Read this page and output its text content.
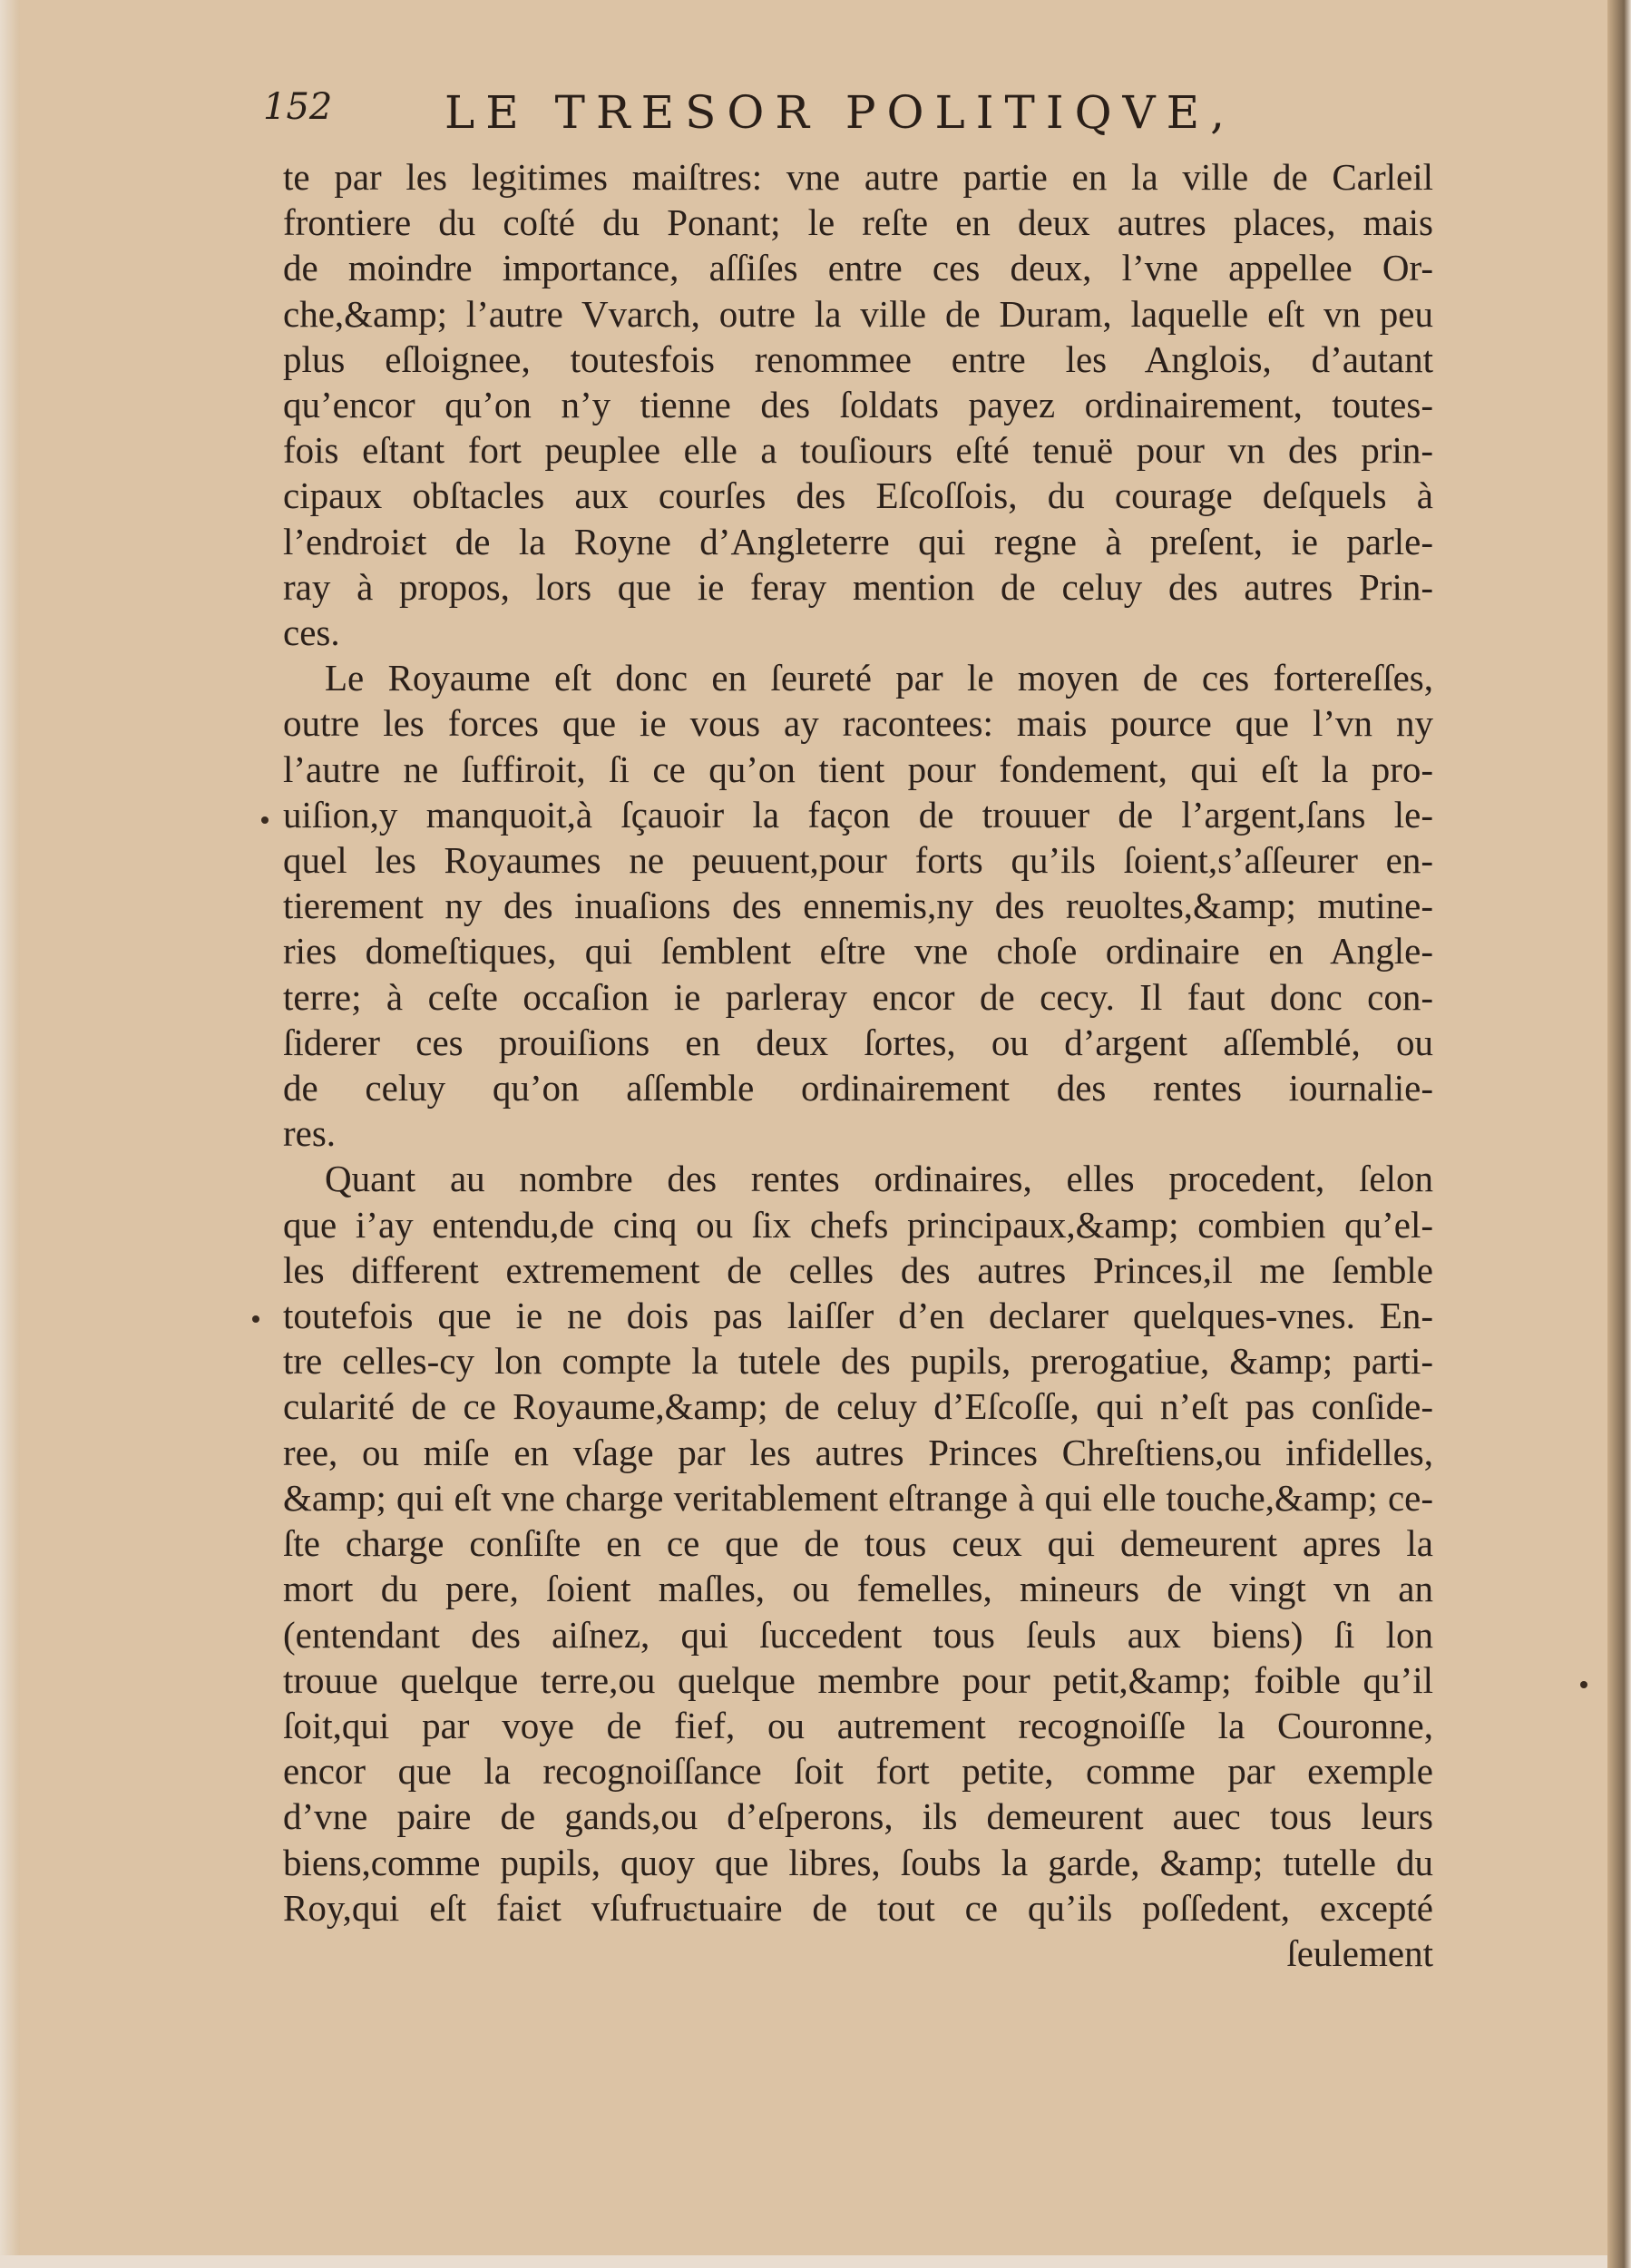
152 LE TRESOR POLITIQVE,
te par les legitimes maiſtres: vne autre partie en la ville de Carleil
frontiere du coſté du Ponant; le reſte en deux autres places, mais
de moindre importance, aſſiſes entre ces deux, l’vne appellee Or-
che,&amp; l’autre Vvarch, outre la ville de Duram, laquelle eſt vn peu
plus eſloignee, toutesfois renommee entre les Anglois, d’autant
qu’encor qu’on n’y tienne des ſoldats payez ordinairement, toutes-
fois eſtant fort peuplee elle a touſiours eſté tenuë pour vn des prin-
cipaux obſtacles aux courſes des Eſcoſſois, du courage deſquels à
l’endroiɛt de la Royne d’Angleterre qui regne à preſent, ie parle-
ray à propos, lors que ie feray mention de celuy des autres Prin-
ces.
Le Royaume eſt donc en ſeureté par le moyen de ces fortereſſes,
outre les forces que ie vous ay racontees: mais pource que l’vn ny
l’autre ne ſuffiroit, ſi ce qu’on tient pour fondement, qui eſt la pro-
uiſion,y manquoit,à ſçauoir la façon de trouuer de l’argent,ſans le-
quel les Royaumes ne peuuent,pour forts qu’ils ſoient,s’aſſeurer en-
tierement ny des inuaſions des ennemis,ny des reuoltes,&amp; mutine-
ries domeſtiques, qui ſemblent eſtre vne choſe ordinaire en Angle-
terre; à ceſte occaſion ie parleray encor de cecy. Il faut donc con-
ſiderer ces prouiſions en deux ſortes, ou d’argent aſſemblé, ou
de celuy qu’on aſſemble ordinairement des rentes iournalie-
res.
Quant au nombre des rentes ordinaires, elles procedent, ſelon
que i’ay entendu,de cinq ou ſix chefs principaux,&amp; combien qu’el-
les different extremement de celles des autres Princes,il me ſemble
toutefois que ie ne dois pas laiſſer d’en declarer quelques-vnes. En-
tre celles-cy lon compte la tutele des pupils, prerogatiue, &amp; parti-
cularité de ce Royaume,&amp; de celuy d’Eſcoſſe, qui n’eſt pas conſide-
ree, ou miſe en vſage par les autres Princes Chreſtiens,ou infidelles,
&amp; qui eſt vne charge veritablement eſtrange à qui elle touche,&amp; ce-
ſte charge conſiſte en ce que de tous ceux qui demeurent apres la
mort du pere, ſoient maſles, ou femelles, mineurs de vingt vn an
(entendant des aiſnez, qui ſuccedent tous ſeuls aux biens) ſi lon
trouue quelque terre,ou quelque membre pour petit,&amp; foible qu’il
ſoit,qui par voye de fief, ou autrement recognoiſſe la Couronne,
encor que la recognoiſſance ſoit fort petite, comme par exemple
d’vne paire de gands,ou d’eſperons, ils demeurent auec tous leurs
biens,comme pupils, quoy que libres, ſoubs la garde, &amp; tutelle du
Roy,qui eſt faiɛt vſufruɛtuaire de tout ce qu’ils poſſedent, excepté
ſeulement
